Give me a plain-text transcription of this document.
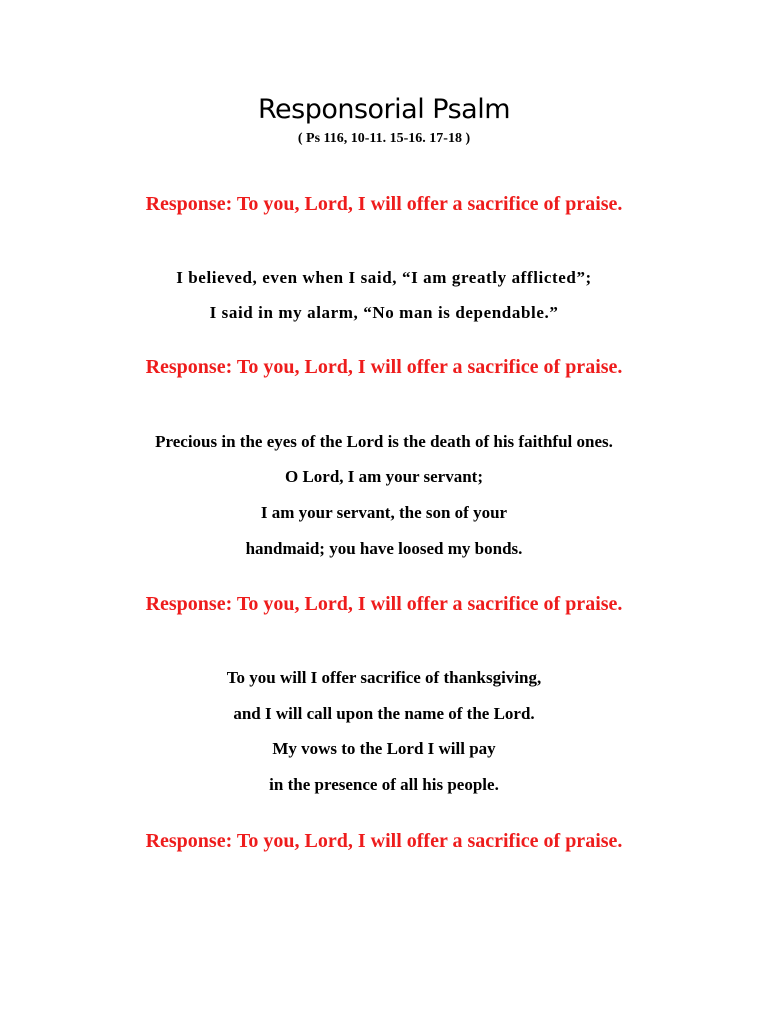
Responsorial Psalm
( Ps 116, 10-11. 15-16. 17-18 )
Response: To you, Lord, I will offer a sacrifice of praise.
I believed, even when I said, “I am greatly afflicted”;
I said in my alarm, “No man is dependable.”
Response: To you, Lord, I will offer a sacrifice of praise.
Precious in the eyes of the Lord is the death of his faithful ones.
O Lord, I am your servant;
I am your servant, the son of your
handmaid; you have loosed my bonds.
Response: To you, Lord, I will offer a sacrifice of praise.
To you will I offer sacrifice of thanksgiving,
and I will call upon the name of the Lord.
My vows to the Lord I will pay
in the presence of all his people.
Response: To you, Lord, I will offer a sacrifice of praise.
